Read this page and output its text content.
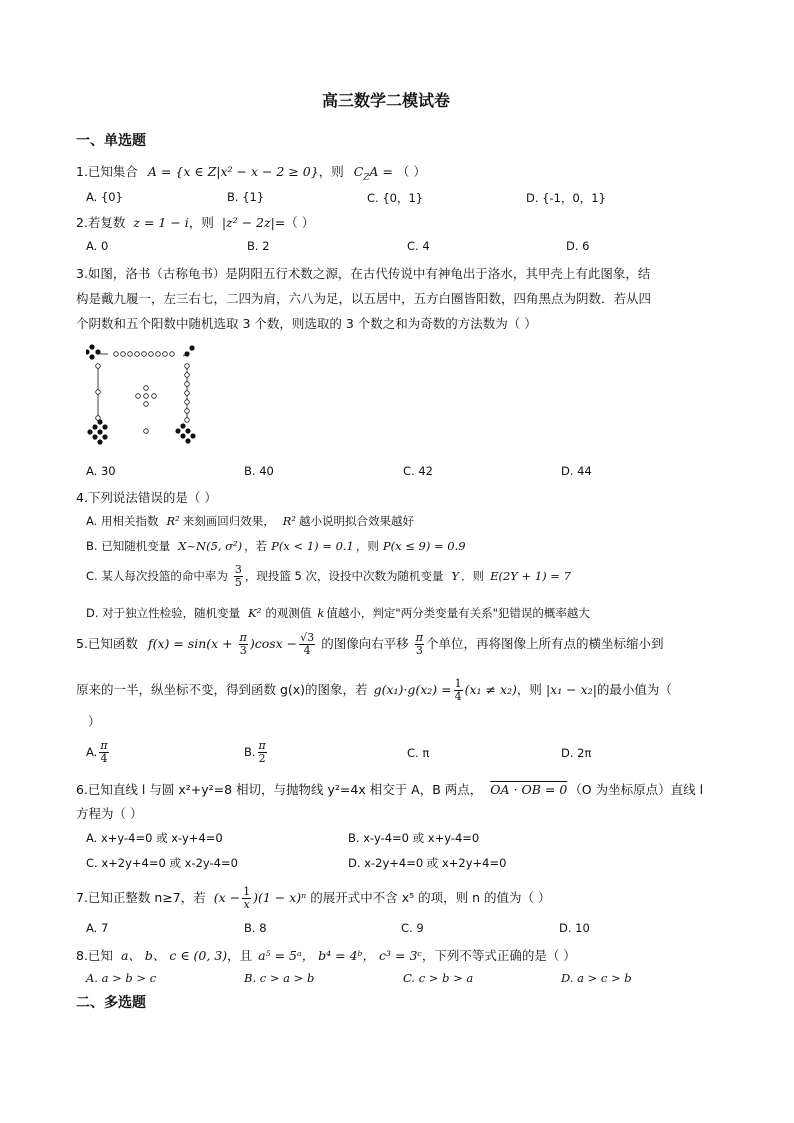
高三数学二模试卷
一、单选题
1.已知集合 A = {x ∈ Z|x² − x − 2 ≥ 0}，则 $C_ZA$ = （ ）
A. {0}	B. {1}	C. {0，1}	D. {-1，0，1}
2.若复数 z = 1 − i，则 |z² − 2z|=（ ）
A. 0	B. 2	C. 4	D. 6
3.如图，洛书（古称龟书）是阴阳五行术数之源，在古代传说中有神龟出于洛水，其甲壳上有此图象，结
构是戴九履一，左三右七，二四为肩，六八为足，以五居中，五方白圈皆阳数，四角黑点为阴数．若从四
个阴数和五个阳数中随机选取 3 个数，则选取的 3 个数之和为奇数的方法数为（ ）
A. 30	B. 40	C. 42	D. 44
4.下列说法错误的是（ ）
A. 用相关指数 R² 来刻画回归效果， R² 越小说明拟合效果越好
B. 已知随机变量 X~N(5, σ²) ，若 P(x < 1) = 0.1 ，则 P(x ≤ 9) = 0.9
C. 某人每次投篮的命中率为 $\frac{3}{5}$ ，现投篮 5 次，设投中次数为随机变量 Y ．则 E(2Y + 1) = 7
D. 对于独立性检验，随机变量 K² 的观测值 k 值越小，判定"两分类变量有关系"犯错误的概率越大
5.已知函数 $f(x) = \sin(x + \frac{\pi}{3} )\cos x - \frac{√3}{4}$ 的图像向右平移 $\frac{\pi}{3}$ 个单位，再将图像上所有点的横坐标缩小到
原来的一半，纵坐标不变，得到函数 g(x)的图象，若 $g(x_1)\cdot g(x_2) = \frac{1}{4} (x_1 \ne x_2)$，则 |x₁ − x₂|的最小值为（
）
A. $\frac{\pi}{4}$	B. $\frac{\pi}{2}$	C. π	D. 2π
6.已知直线 l 与圆 x²+y²=8 相切，与抛物线 y²=4x 相交于 A，B 两点， OA · OB = 0 （O 为坐标原点）直线 l
方程为（ ）
A. x+y-4=0 或 x-y+4=0	B. x-y-4=0 或 x+y-4=0
C. x+2y+4=0 或 x-2y-4=0	D. x-2y+4=0 或 x+2y+4=0
7.已知正整数 n≥7，若 $(x - \frac{1}{x} )(1 - x)^n$ 的展开式中不含 x⁵ 的项，则 n 的值为（ ）
A. 7	B. 8	C. 9	D. 10
8.已知 a、 b、 c ∈ (0, 3)，且 a⁵ = 5ᵃ， b⁴ = 4ᵇ， c³ = 3ᶜ，下列不等式正确的是（ ）
A. a > b > c	B. c > a > b	C. c > b > a	D. a > c > b
二、多选题
